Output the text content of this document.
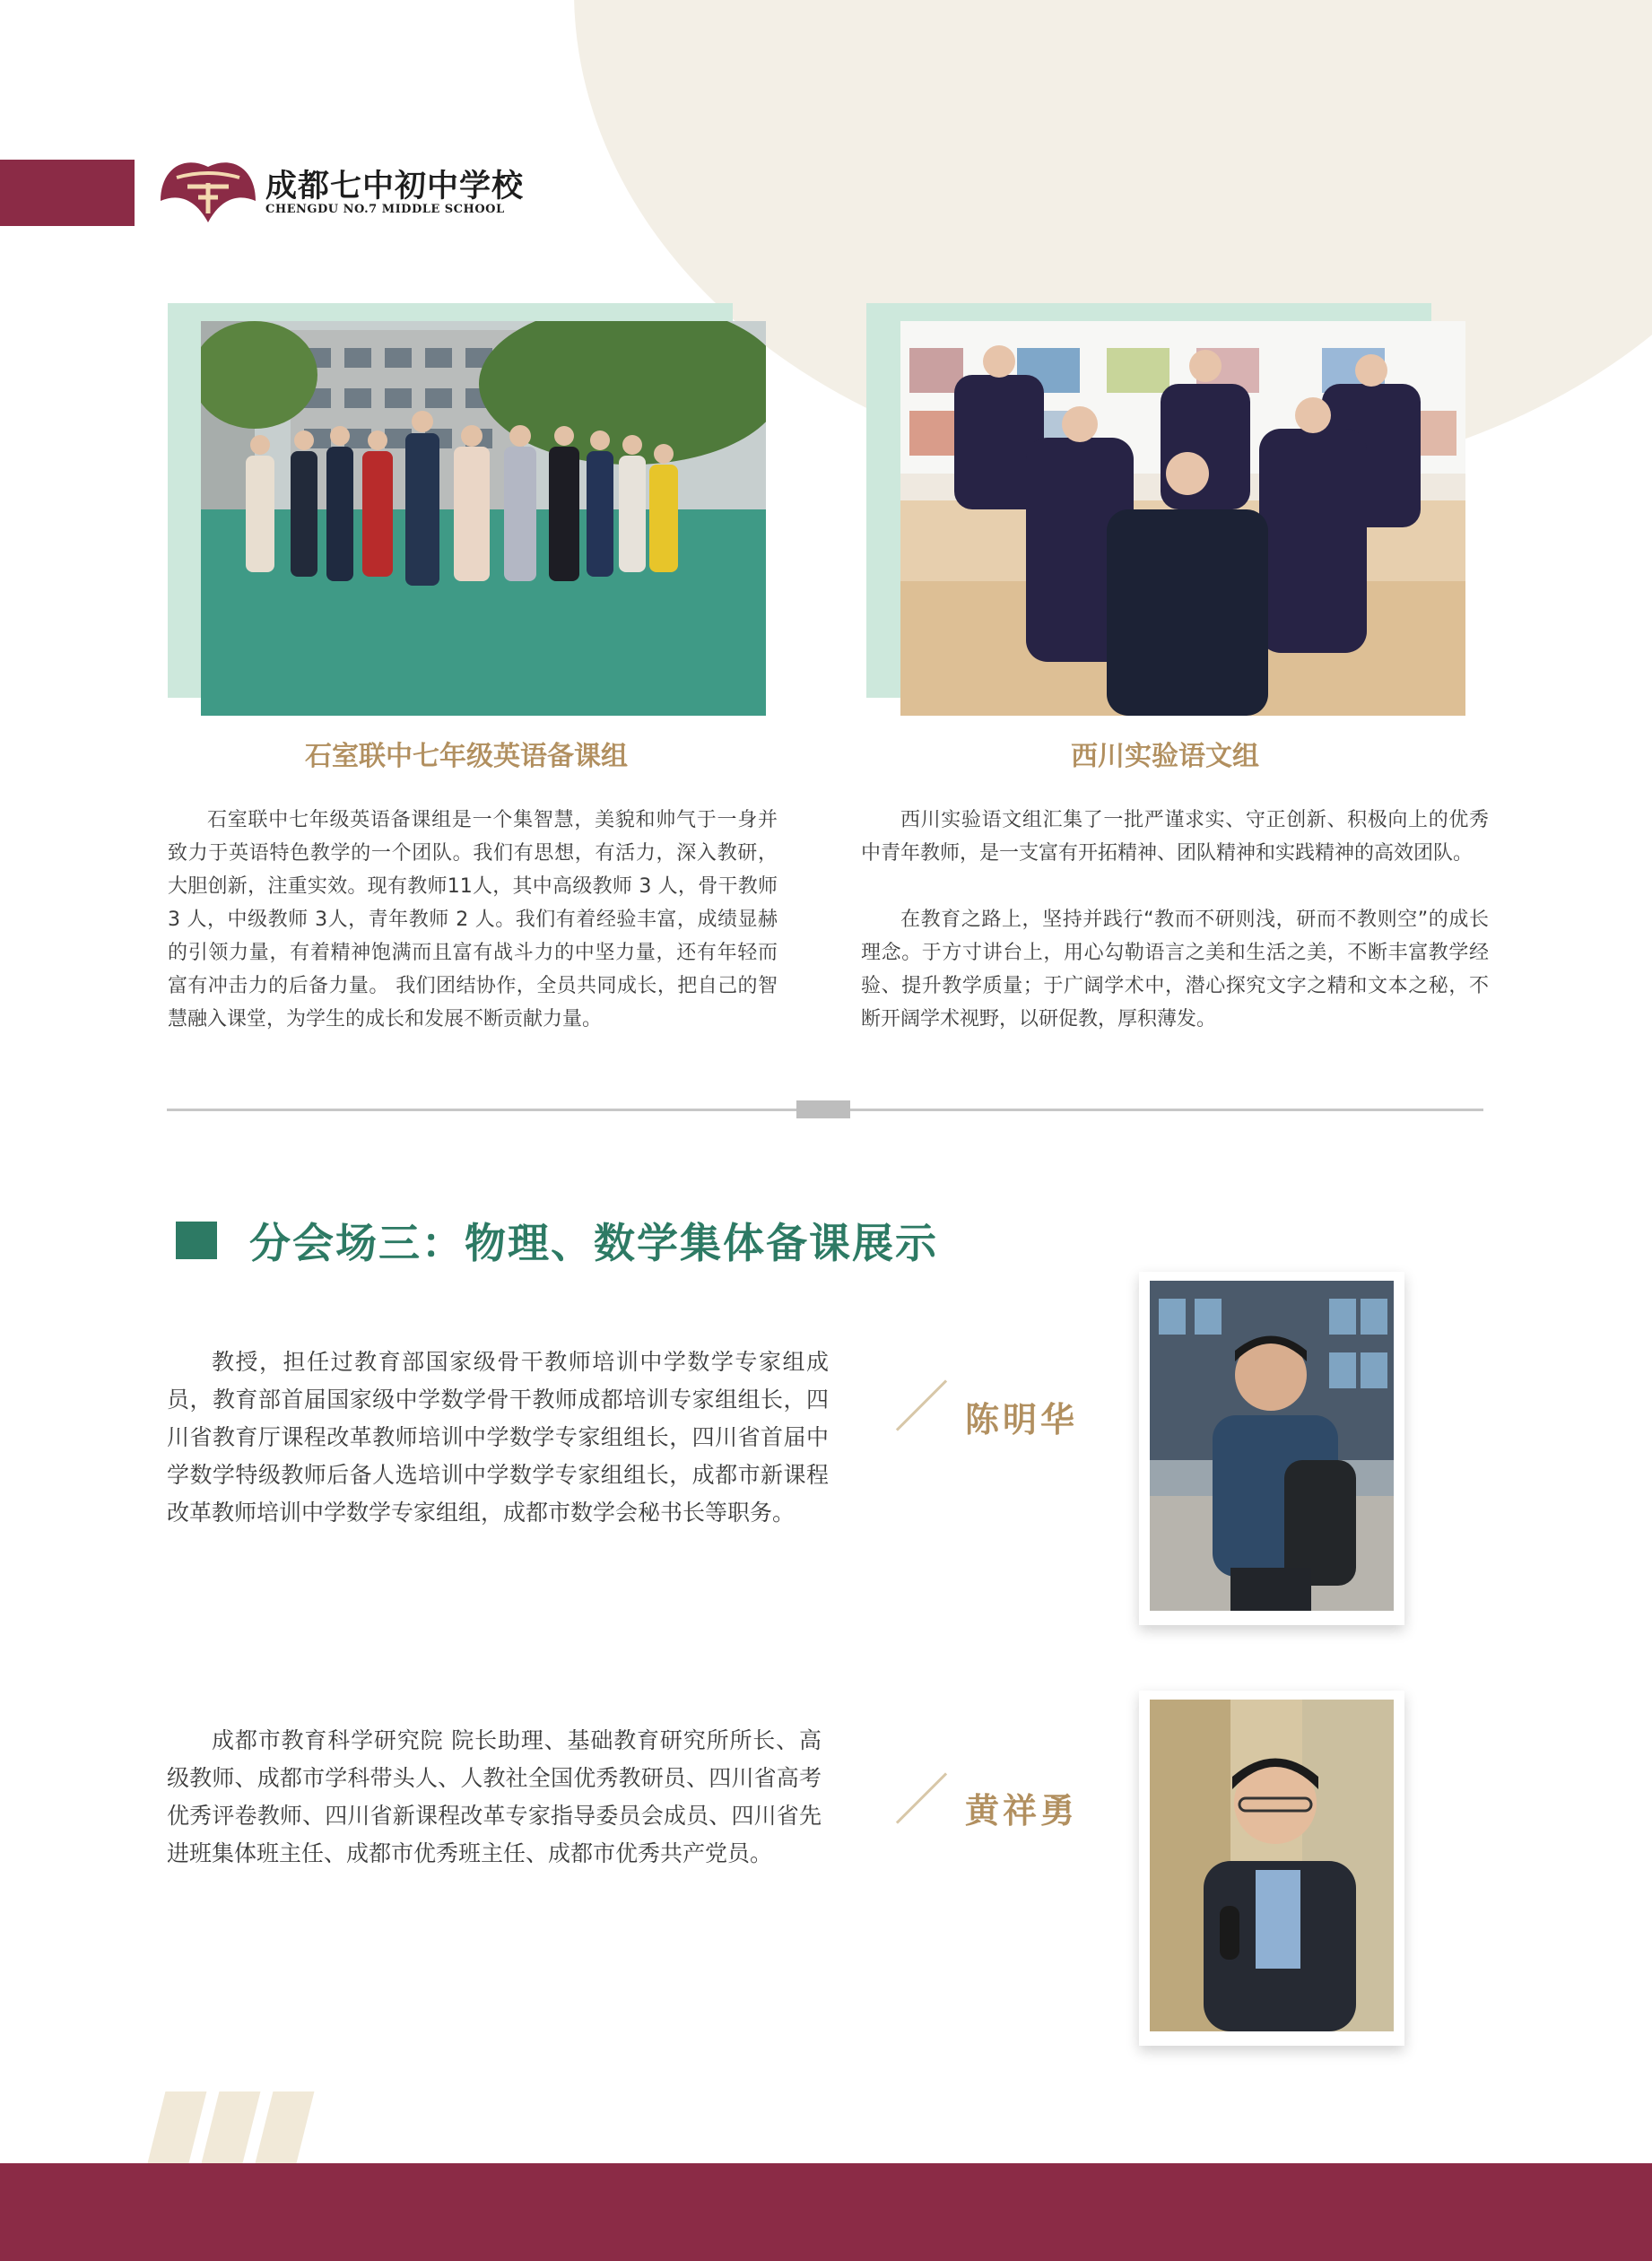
成都七中初中学校
CHENGDU NO.7 MIDDLE SCHOOL
石室联中七年级英语备课组	西川实验语文组

石室联中七年级英语备课组是一个集智慧，美貌和帅气于一身并致力于英语特色教学的一个团队。我们有思想，有活力，深入教研，大胆创新，注重实效。现有教师11人，其中高级教师 3 人，骨干教师 3 人，中级教师 3人，青年教师 2 人。我们有着经验丰富，成绩显赫的引领力量，有着精神饱满而且富有战斗力的中坚力量，还有年轻而富有冲击力的后备力量。 我们团结协作，全员共同成长，把自己的智慧融入课堂，为学生的成长和发展不断贡献力量。

西川实验语文组汇集了一批严谨求实、守正创新、积极向上的优秀中青年教师，是一支富有开拓精神、团队精神和实践精神的高效团队。

在教育之路上，坚持并践行“教而不研则浅，研而不教则空”的成长理念。于方寸讲台上，用心勾勒语言之美和生活之美，不断丰富教学经验、提升教学质量；于广阔学术中，潜心探究文字之精和文本之秘，不断开阔学术视野，以研促教，厚积薄发。

分会场三：物理、数学集体备课展示

教授，担任过教育部国家级骨干教师培训中学数学专家组成员，教育部首届国家级中学数学骨干教师成都培训专家组组长，四川省教育厅课程改革教师培训中学数学专家组组长，四川省首届中学数学特级教师后备人选培训中学数学专家组组长，成都市新课程改革教师培训中学数学专家组组，成都市数学会秘书长等职务。

陈明华

成都市教育科学研究院 院长助理、基础教育研究所所长、高级教师、成都市学科带头人、人教社全国优秀教研员、四川省高考优秀评卷教师、四川省新课程改革专家指导委员会成员、四川省先进班集体班主任、成都市优秀班主任、成都市优秀共产党员。

黄祥勇
